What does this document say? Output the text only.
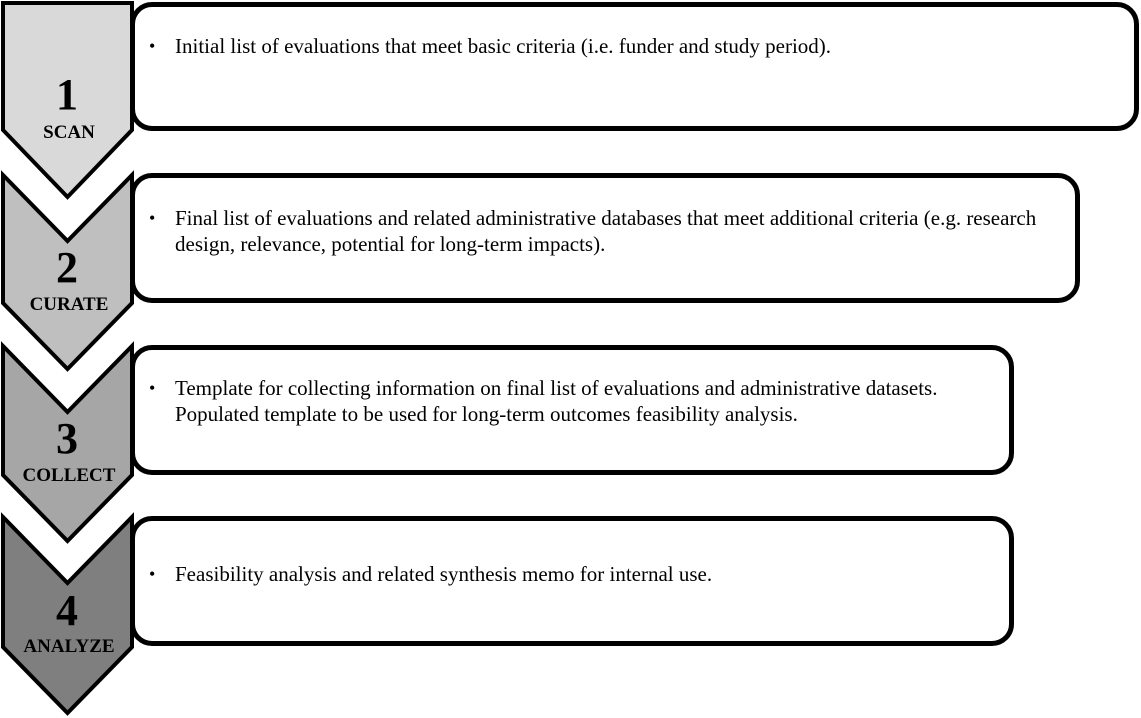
1
SCAN
2
CURATE
3
COLLECT
4
ANALYZE
• Initial list of evaluations that meet basic criteria (i.e. funder and study period).
• Final list of evaluations and related administrative databases that meet additional criteria (e.g. research design, relevance, potential for long-term impacts).
• Template for collecting information on final list of evaluations and administrative datasets. Populated template to be used for long-term outcomes feasibility analysis.
• Feasibility analysis and related synthesis memo for internal use.
